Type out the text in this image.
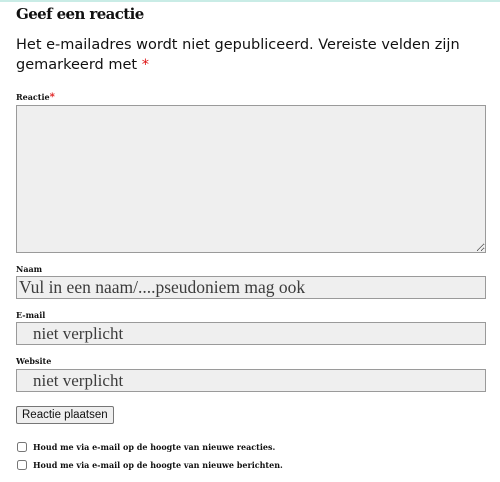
Geef een reactie
Het e-mailadres wordt niet gepubliceerd. Vereiste velden zijn gemarkeerd met *
Reactie*
Naam
Vul in een naam/....pseudoniem mag ook
E-mail
niet verplicht
Website
niet verplicht
Reactie plaatsen
Houd me via e-mail op de hoogte van nieuwe reacties.
Houd me via e-mail op de hoogte van nieuwe berichten.
